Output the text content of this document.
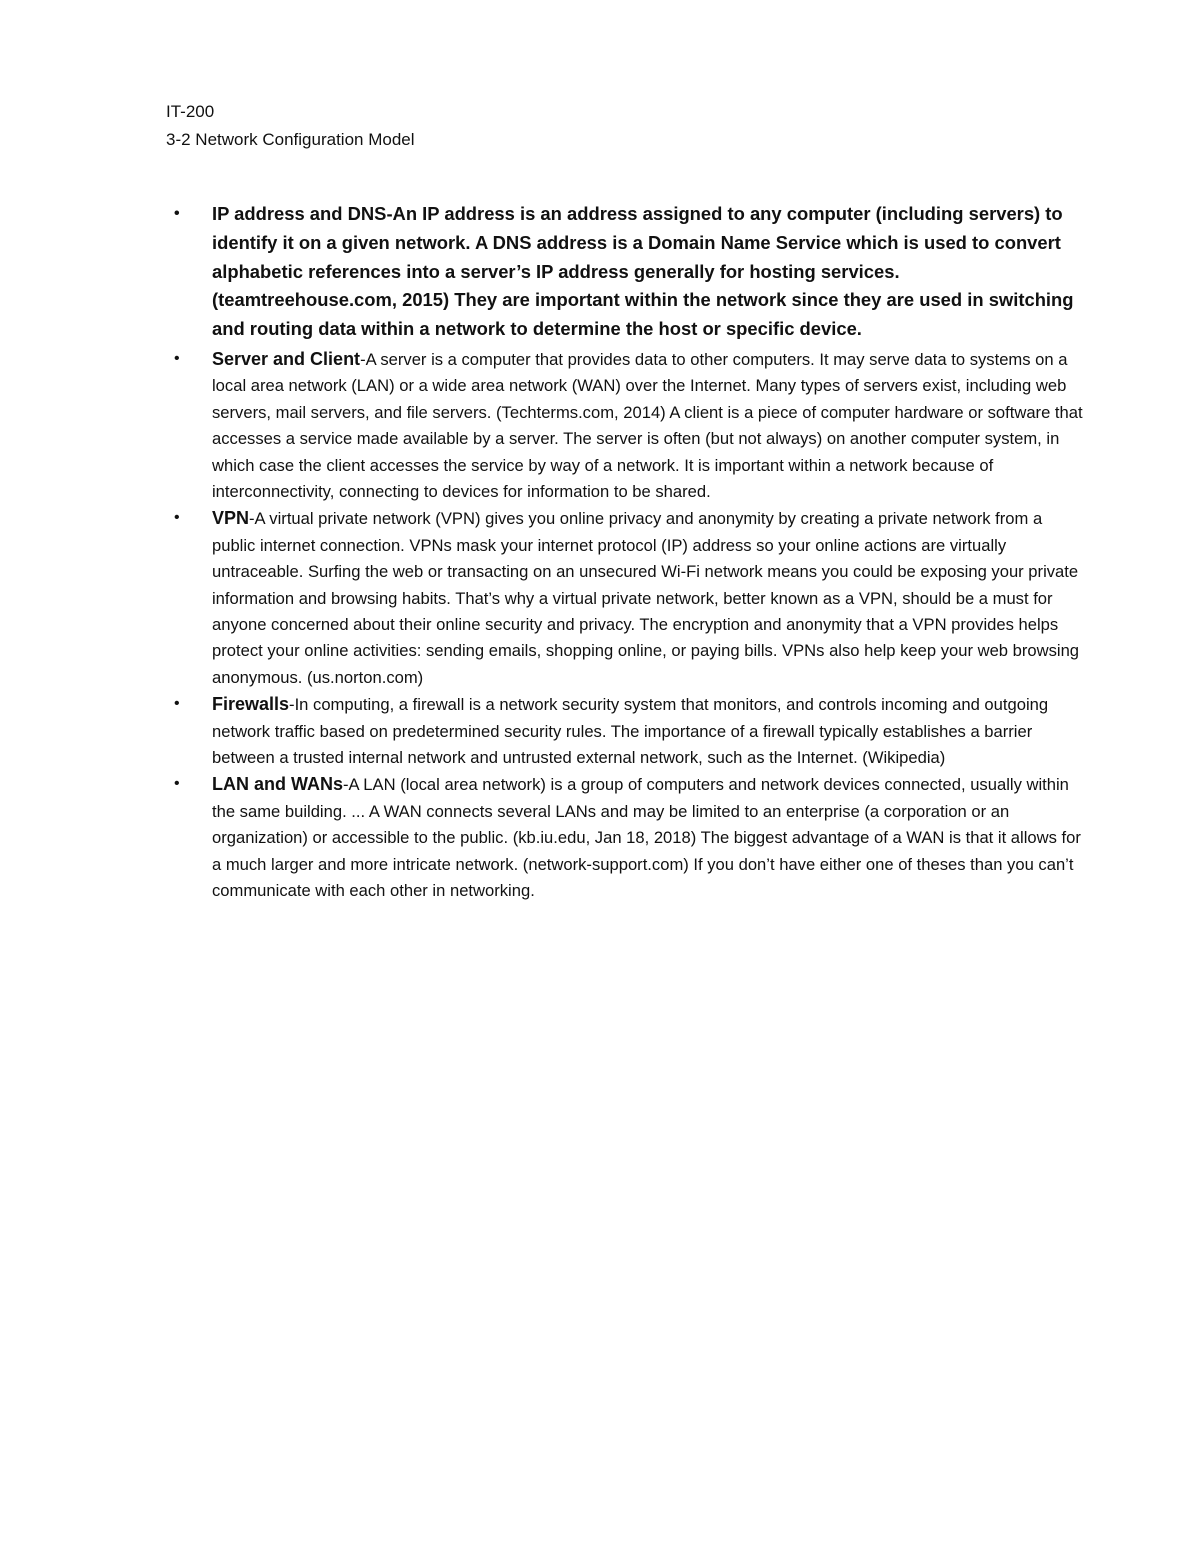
IT-200
3-2 Network Configuration Model
• IP address and DNS-An IP address is an address assigned to any computer (including servers) to identify it on a given network. A DNS address is a Domain Name Service which is used to convert alphabetic references into a server’s IP address generally for hosting services. (teamtreehouse.com, 2015) They are important within the network since they are used in switching and routing data within a network to determine the host or specific device.
• Server and Client-A server is a computer that provides data to other computers. It may serve data to systems on a local area network (LAN) or a wide area network (WAN) over the Internet. Many types of servers exist, including web servers, mail servers, and file servers. (Techterms.com, 2014) A client is a piece of computer hardware or software that accesses a service made available by a server. The server is often (but not always) on another computer system, in which case the client accesses the service by way of a network. It is important within a network because of interconnectivity, connecting to devices for information to be shared.
• VPN-A virtual private network (VPN) gives you online privacy and anonymity by creating a private network from a public internet connection. VPNs mask your internet protocol (IP) address so your online actions are virtually untraceable. Surfing the web or transacting on an unsecured Wi-Fi network means you could be exposing your private information and browsing habits. That’s why a virtual private network, better known as a VPN, should be a must for anyone concerned about their online security and privacy. The encryption and anonymity that a VPN provides helps protect your online activities: sending emails, shopping online, or paying bills. VPNs also help keep your web browsing anonymous. (us.norton.com)
• Firewalls-In computing, a firewall is a network security system that monitors, and controls incoming and outgoing network traffic based on predetermined security rules. The importance of a firewall typically establishes a barrier between a trusted internal network and untrusted external network, such as the Internet. (Wikipedia)
• LAN and WANs-A LAN (local area network) is a group of computers and network devices connected, usually within the same building. ... A WAN connects several LANs and may be limited to an enterprise (a corporation or an organization) or accessible to the public. (kb.iu.edu, Jan 18, 2018) The biggest advantage of a WAN is that it allows for a much larger and more intricate network. (network-support.com) If you don’t have either one of theses than you can’t communicate with each other in networking.
